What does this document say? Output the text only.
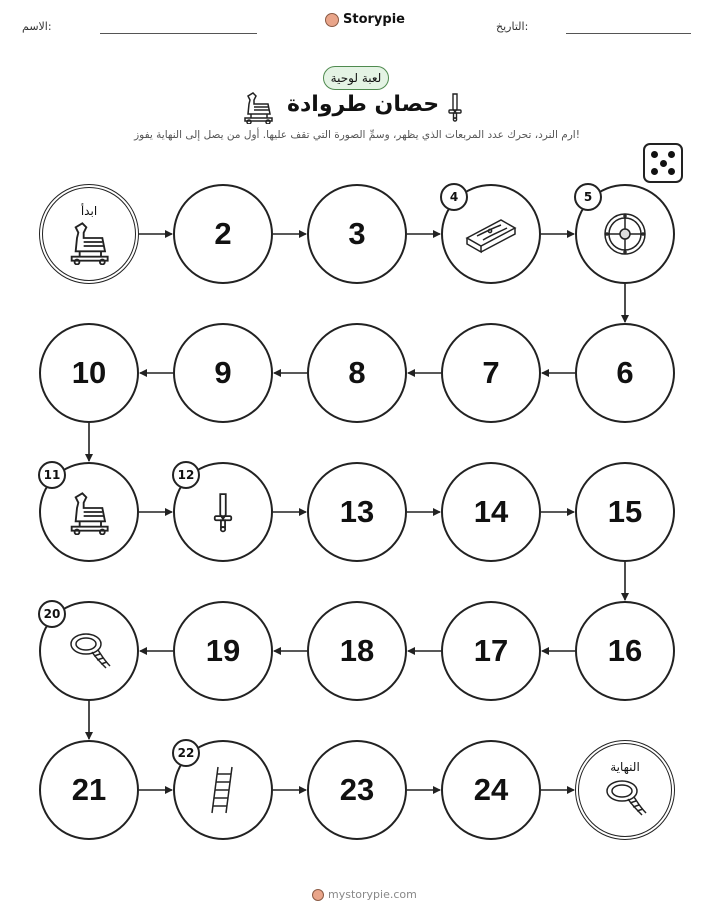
الاسم:	Storypie	التاريخ:
لعبة لوحية
حصان طروادة
ارم النرد، تحرك عدد المربعات الذي يظهر، وسمِّ الصورة التي تقف عليها. أول من يصل إلى النهاية يفوز!
ابدأ
2	3
4	5
6
7
8
9
10
11	12
13	14	15
16
17
18
19
20
21
22
23	24
النهاية
mystorypie.com
